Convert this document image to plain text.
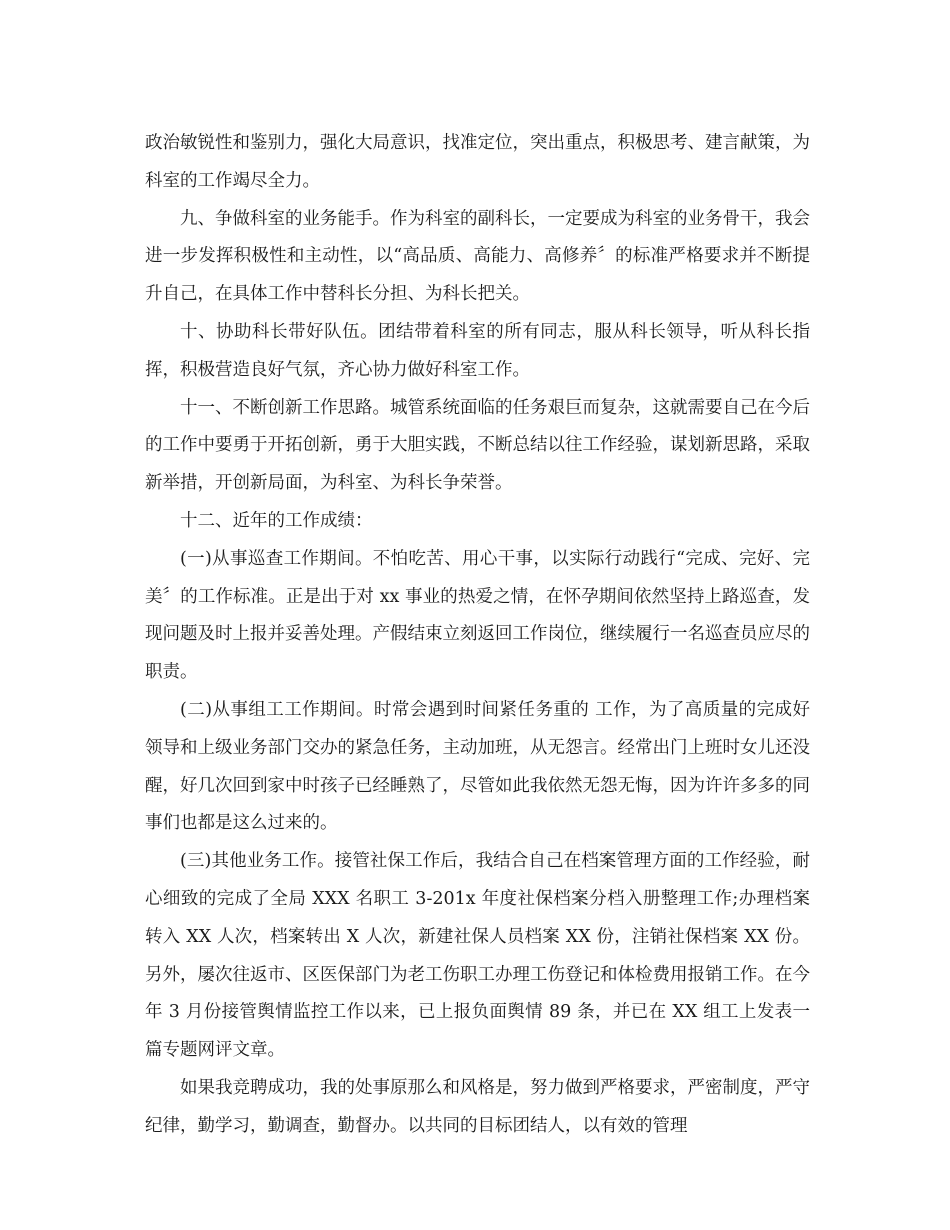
政治敏锐性和鉴别力，强化大局意识，找准定位，突出重点，积极思考、建言献策，为科室的工作竭尽全力。

九、争做科室的业务能手。作为科室的副科长，一定要成为科室的业务骨干，我会进一步发挥积极性和主动性，以“高品质、高能力、高修养〞的标准严格要求并不断提升自己，在具体工作中替科长分担、为科长把关。

十、协助科长带好队伍。团结带着科室的所有同志，服从科长领导，听从科长指挥，积极营造良好气氛，齐心协力做好科室工作。

十一、不断创新工作思路。城管系统面临的任务艰巨而复杂，这就需要自己在今后的工作中要勇于开拓创新，勇于大胆实践，不断总结以往工作经验，谋划新思路，采取新举措，开创新局面，为科室、为科长争荣誉。

十二、近年的工作成绩：

(一)从事巡查工作期间。不怕吃苦、用心干事，以实际行动践行“完成、完好、完美〞的工作标准。正是出于对 xx 事业的热爱之情，在怀孕期间依然坚持上路巡查，发现问题及时上报并妥善处理。产假结束立刻返回工作岗位，继续履行一名巡查员应尽的职责。

(二)从事组工工作期间。时常会遇到时间紧任务重的 工作，为了高质量的完成好领导和上级业务部门交办的紧急任务，主动加班，从无怨言。经常出门上班时女儿还没醒，好几次回到家中时孩子已经睡熟了，尽管如此我依然无怨无悔，因为许许多多的同事们也都是这么过来的。

(三)其他业务工作。接管社保工作后，我结合自己在档案管理方面的工作经验，耐心细致的完成了全局 XXX 名职工 3-201x 年度社保档案分档入册整理工作;办理档案转入 XX 人次，档案转出 X 人次，新建社保人员档案 XX 份，注销社保档案 XX 份。另外，屡次往返市、区医保部门为老工伤职工办理工伤登记和体检费用报销工作。在今年 3 月份接管舆情监控工作以来，已上报负面舆情 89 条，并已在 XX 组工上发表一篇专题网评文章。

如果我竞聘成功，我的处事原那么和风格是，努力做到严格要求，严密制度，严守纪律，勤学习，勤调查，勤督办。以共同的目标团结人，以有效的管理
